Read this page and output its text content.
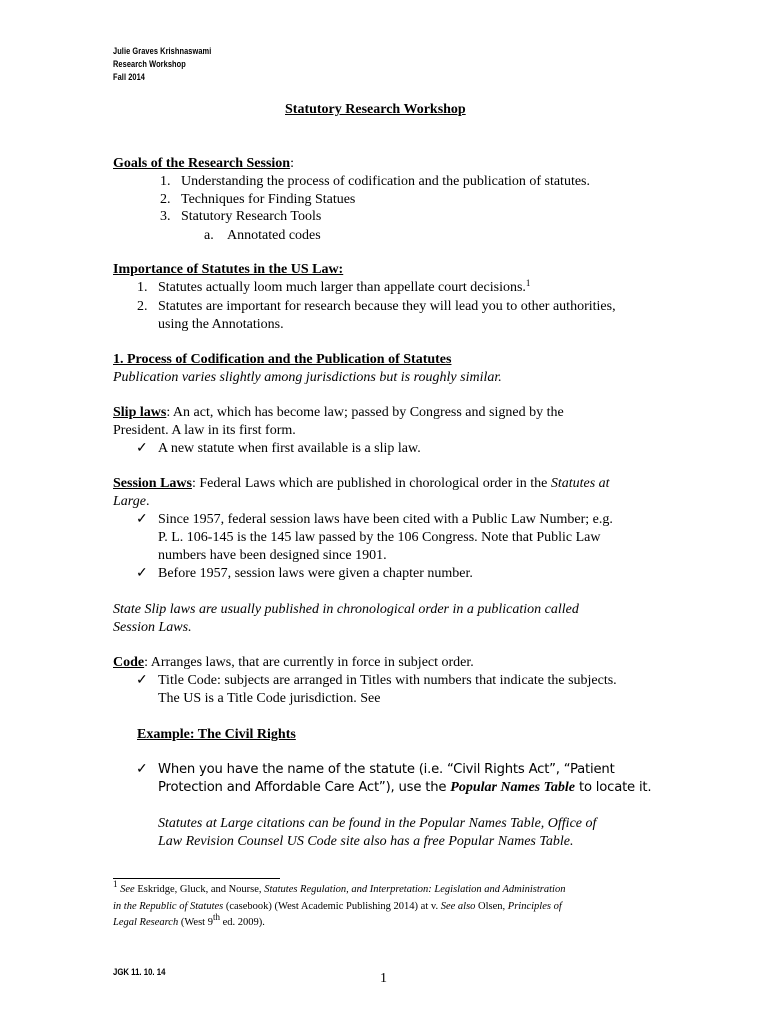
Julie Graves Krishnaswami
Research Workshop
Fall 2014
Statutory Research Workshop
Goals of the Research Session:
1. Understanding the process of codification and the publication of statutes.
2. Techniques for Finding Statues
3. Statutory Research Tools
a. Annotated codes
Importance of Statutes in the US Law:
1. Statutes actually loom much larger than appellate court decisions.$^1$
2. Statutes are important for research because they will lead you to other authorities,
using the Annotations.
1. Process of Codification and the Publication of Statutes
Publication varies slightly among jurisdictions but is roughly similar.
Slip laws: An act, which has become law; passed by Congress and signed by the
President. A law in its first form.
✓ A new statute when first available is a slip law.
Session Laws: Federal Laws which are published in chorological order in the Statutes at
Large.
✓ Since 1957, federal session laws have been cited with a Public Law Number; e.g.
P. L. 106-145 is the 145 law passed by the 106 Congress. Note that Public Law
numbers have been designed since 1901.
✓ Before 1957, session laws were given a chapter number.
State Slip laws are usually published in chronological order in a publication called
Session Laws.
Code: Arranges laws, that are currently in force in subject order.
✓ Title Code: subjects are arranged in Titles with numbers that indicate the subjects.
The US is a Title Code jurisdiction. See
Example: The Civil Rights
✓ When you have the name of the statute (i.e. “Civil Rights Act”, “Patient
Protection and Affordable Care Act”), use the Popular Names Table to locate it.
Statutes at Large citations can be found in the Popular Names Table, Office of
Law Revision Counsel US Code site also has a free Popular Names Table.
$^1$ See Eskridge, Gluck, and Nourse, Statutes Regulation, and Interpretation: Legislation and Administration
in the Republic of Statutes (casebook) (West Academic Publishing 2014) at v. See also Olsen, Principles of
Legal Research (West 9th ed. 2009).
JGK 11. 10. 14	1
